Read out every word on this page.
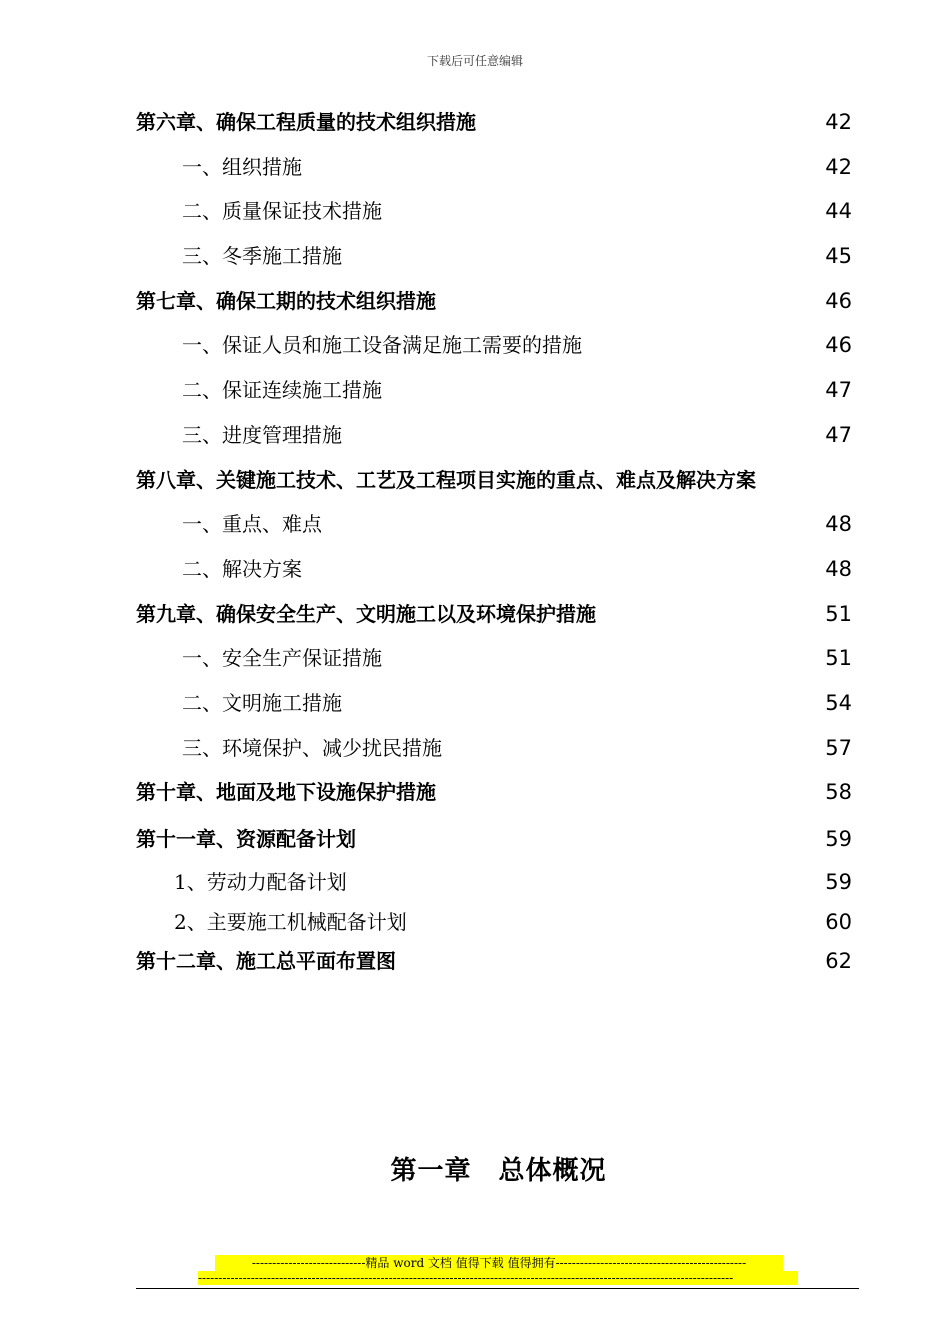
下载后可任意编辑
第六章、确保工程质量的技术组织措施	42
一、组织措施	42
二、质量保证技术措施	44
三、冬季施工措施	45
第七章、确保工期的技术组织措施	46
一、保证人员和施工设备满足施工需要的措施	46
二、保证连续施工措施	47
三、进度管理措施	47
第八章、关键施工技术、工艺及工程项目实施的重点、难点及解决方案
一、重点、难点	48
二、解决方案	48
第九章、确保安全生产、文明施工以及环境保护措施	51
一、安全生产保证措施	51
二、文明施工措施	54
三、环境保护、减少扰民措施	57
第十章、地面及地下设施保护措施	58
第十一章、资源配备计划	59
1、劳动力配备计划	59
2、主要施工机械配备计划	60
第十二章、施工总平面布置图	62
第一章　总体概况
----------------------------精品 word 文档 值得下载 值得拥有-----------------------------------------------
------------------------------------------------------------------------------------------------------------------------------------
